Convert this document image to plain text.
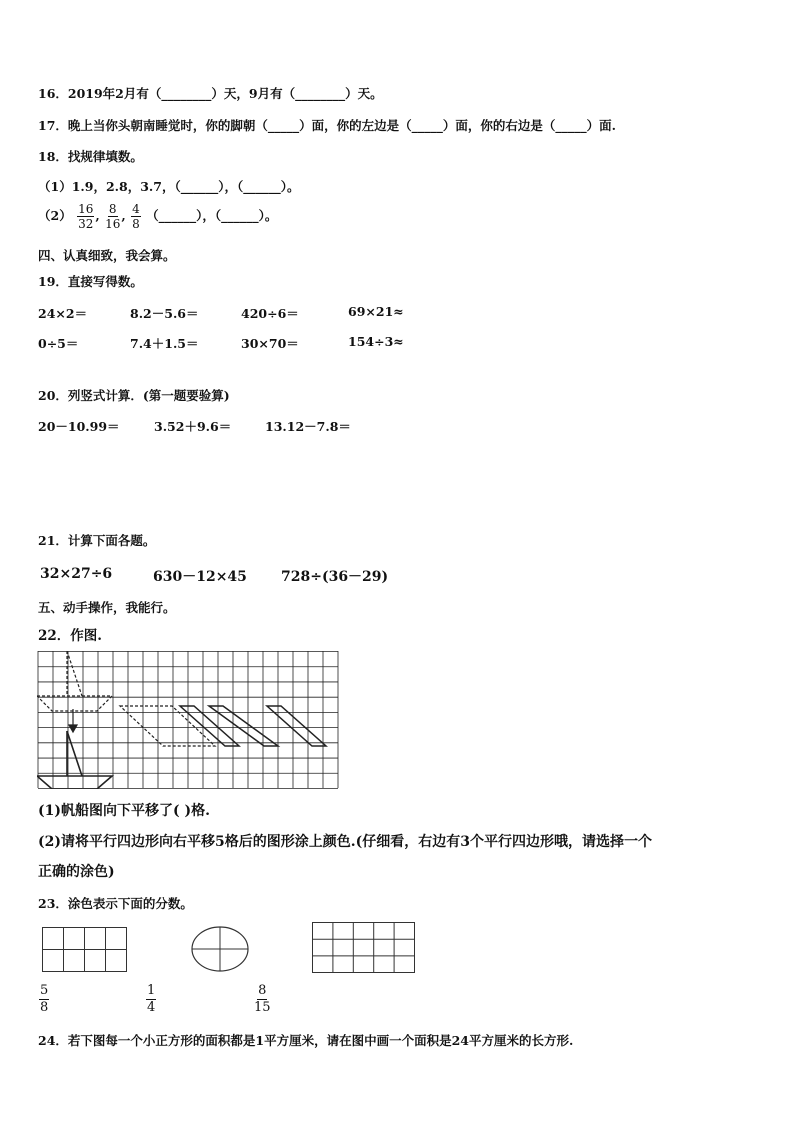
16．2019年2月有（________）天，9月有（________）天。
17．晚上当你头朝南睡觉时，你的脚朝（_____）面，你的左边是（_____）面，你的右边是（_____）面.
18．找规律填数。
（1）1.9，2.8，3.7，（______），（______）。
$(2) \frac{16}{32}$ , $\frac{8}{16}$ , $\frac{4}{8}$ （______），（______）。
四、认真细致，我会算。
19．直接写得数。
24×2＝	8.2－5.6＝	420÷6＝	69×21≈
0÷5＝	7.4＋1.5＝	30×70＝	154÷3≈
20．列竖式计算．(第一题要验算)
20－10.99＝	3.52＋9.6＝	13.12－7.8＝
21．计算下面各题。
32×27÷6	630－12×45 728÷(36－29)
五、动手操作，我能行。
22．作图.
(1)帆船图向下平移了( )格.
(2)请将平行四边形向右平移5格后的图形涂上颜色.(仔细看，右边有3个平行四边形哦，请选择一个
正确的涂色)
23．涂色表示下面的分数。
$\frac{5}{8}$	$\frac{1}{4}$	$\frac{8}{15}$
24．若下图每一个小正方形的面积都是1平方厘米，请在图中画一个面积是24平方厘米的长方形.
